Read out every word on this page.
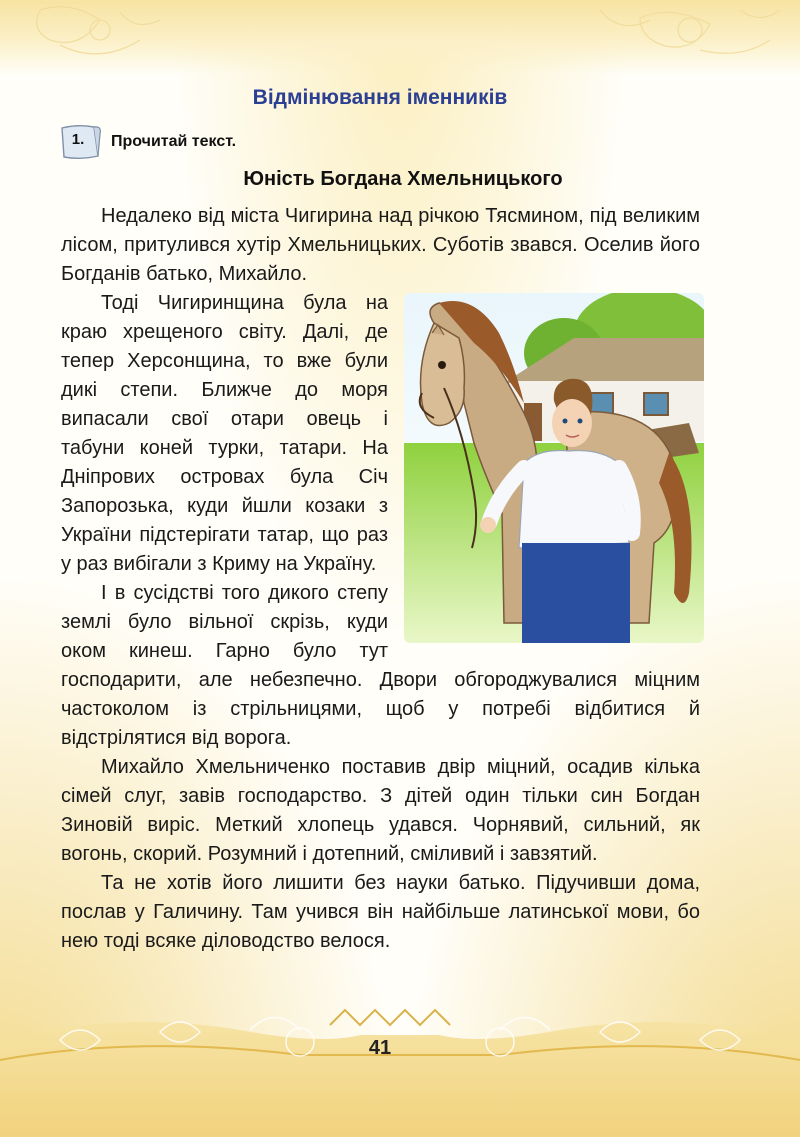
Відмінювання іменників
1.	Прочитай текст.
Юність Богдана Хмельницького

Недалеко від міста Чигирина над річкою Тясмином, під великим лісом, притулився хутір Хмельницьких. Суботів звався. Оселив його Богданів батько, Михайло.

Тоді Чигиринщина була на краю хрещеного світу. Далі, де тепер Херсонщина, то вже були дикі степи. Ближче до моря випасали свої отари овець і табуни коней турки, татари. На Дніпрових островах була Січ Запорозька, куди йшли козаки з України підстерігати татар, що раз у раз вибігали з Криму на Україну.

І в сусідстві того дикого степу землі було вільної скрізь, куди оком кинеш. Гарно було тут господарити, але небезпечно. Двори обгороджувалися міцним частоколом із стрільницями, щоб у потребі відбитися й відстрілятися від ворога.

Михайло Хмельниченко поставив двір міцний, осадив кілька сімей слуг, завів господарство. З дітей один тільки син Богдан Зиновій виріс. Меткий хлопець удався. Чорнявий, сильний, як вогонь, скорий. Розумний і дотепний, сміливий і завзятий.

Та не хотів його лишити без науки батько. Підучивши дома, послав у Галичину. Там учився він найбільше латинської мови, бо нею тоді всяке діловодство велося.

41
